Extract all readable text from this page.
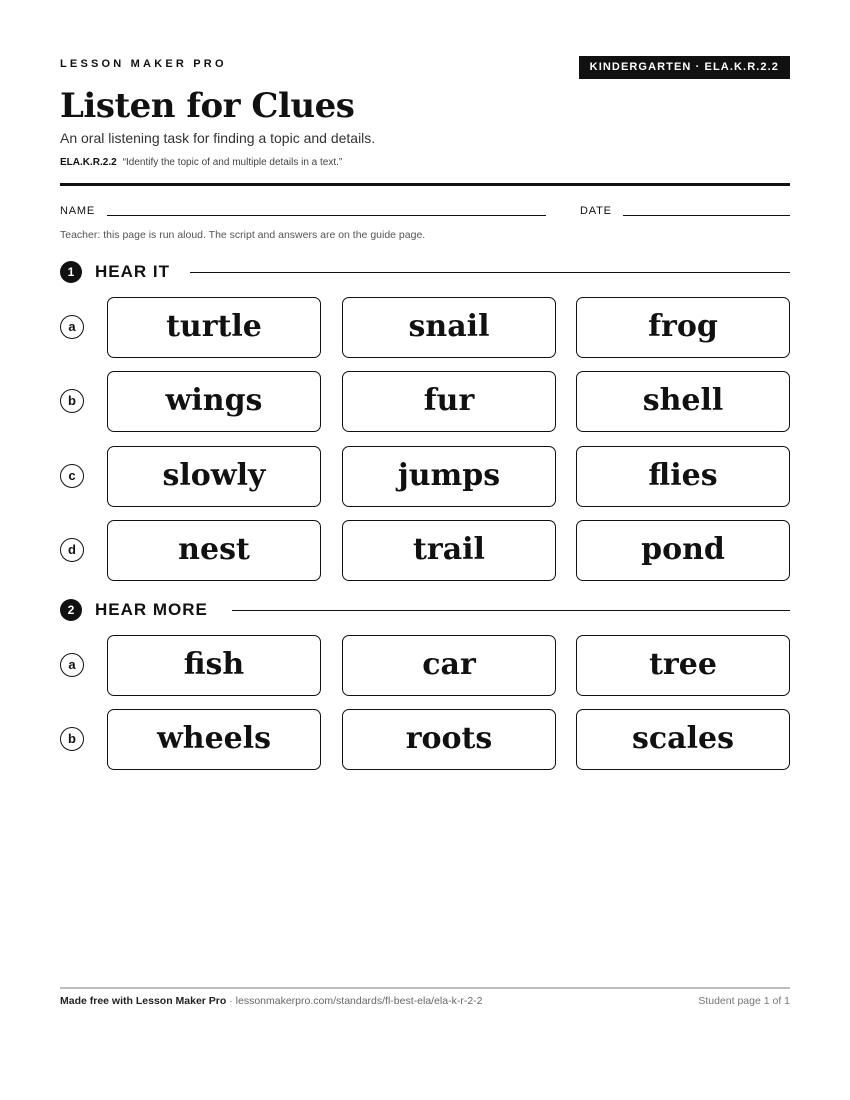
LESSON MAKER PRO	KINDERGARTEN · ELA.K.R.2.2
Listen for Clues
An oral listening task for finding a topic and details.
ELA.K.R.2.2 “Identify the topic of and multiple details in a text.”
NAME	DATE
Teacher: this page is run aloud. The script and answers are on the guide page.
1	HEAR IT
a	turtle	snail	frog
b	wings	fur	shell
c	slowly	jumps	flies
d	nest	trail	pond
2	HEAR MORE
a	fish	car	tree
b	wheels	roots	scales
Made free with Lesson Maker Pro · lessonmakerpro.com/standards/fl-best-ela/ela-k-r-2-2	Student page 1 of 1
